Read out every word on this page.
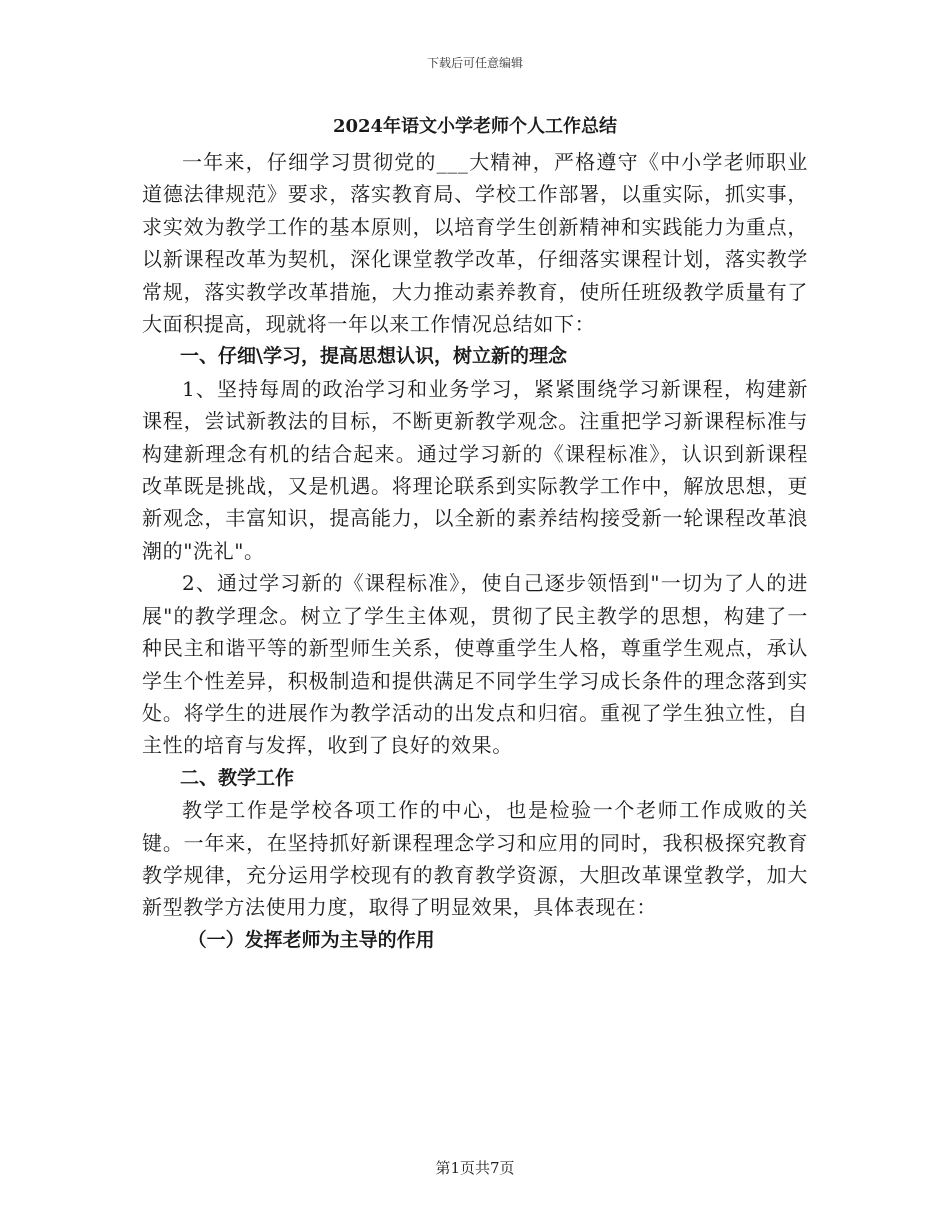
下载后可任意编辑
2024年语文小学老师个人工作总结

一年来，仔细学习贯彻党的___大精神，严格遵守《中小学老师职业道德法律规范》要求，落实教育局、学校工作部署，以重实际，抓实事，求实效为教学工作的基本原则，以培育学生创新精神和实践能力为重点，以新课程改革为契机，深化课堂教学改革，仔细落实课程计划，落实教学常规，落实教学改革措施，大力推动素养教育，使所任班级教学质量有了大面积提高，现就将一年以来工作情况总结如下：

一、仔细\学习，提高思想认识，树立新的理念

1、坚持每周的政治学习和业务学习，紧紧围绕学习新课程，构建新课程，尝试新教法的目标，不断更新教学观念。注重把学习新课程标准与构建新理念有机的结合起来。通过学习新的《课程标准》，认识到新课程改革既是挑战，又是机遇。将理论联系到实际教学工作中，解放思想，更新观念，丰富知识，提高能力，以全新的素养结构接受新一轮课程改革浪潮的"洗礼"。

2、通过学习新的《课程标准》，使自己逐步领悟到"一切为了人的进展"的教学理念。树立了学生主体观，贯彻了民主教学的思想，构建了一种民主和谐平等的新型师生关系，使尊重学生人格，尊重学生观点，承认学生个性差异，积极制造和提供满足不同学生学习成长条件的理念落到实处。将学生的进展作为教学活动的出发点和归宿。重视了学生独立性，自主性的培育与发挥，收到了良好的效果。

二、教学工作

教学工作是学校各项工作的中心，也是检验一个老师工作成败的关键。一年来，在坚持抓好新课程理念学习和应用的同时，我积极探究教育教学规律，充分运用学校现有的教育教学资源，大胆改革课堂教学，加大新型教学方法使用力度，取得了明显效果，具体表现在：

（一）发挥老师为主导的作用

第1页共7页
